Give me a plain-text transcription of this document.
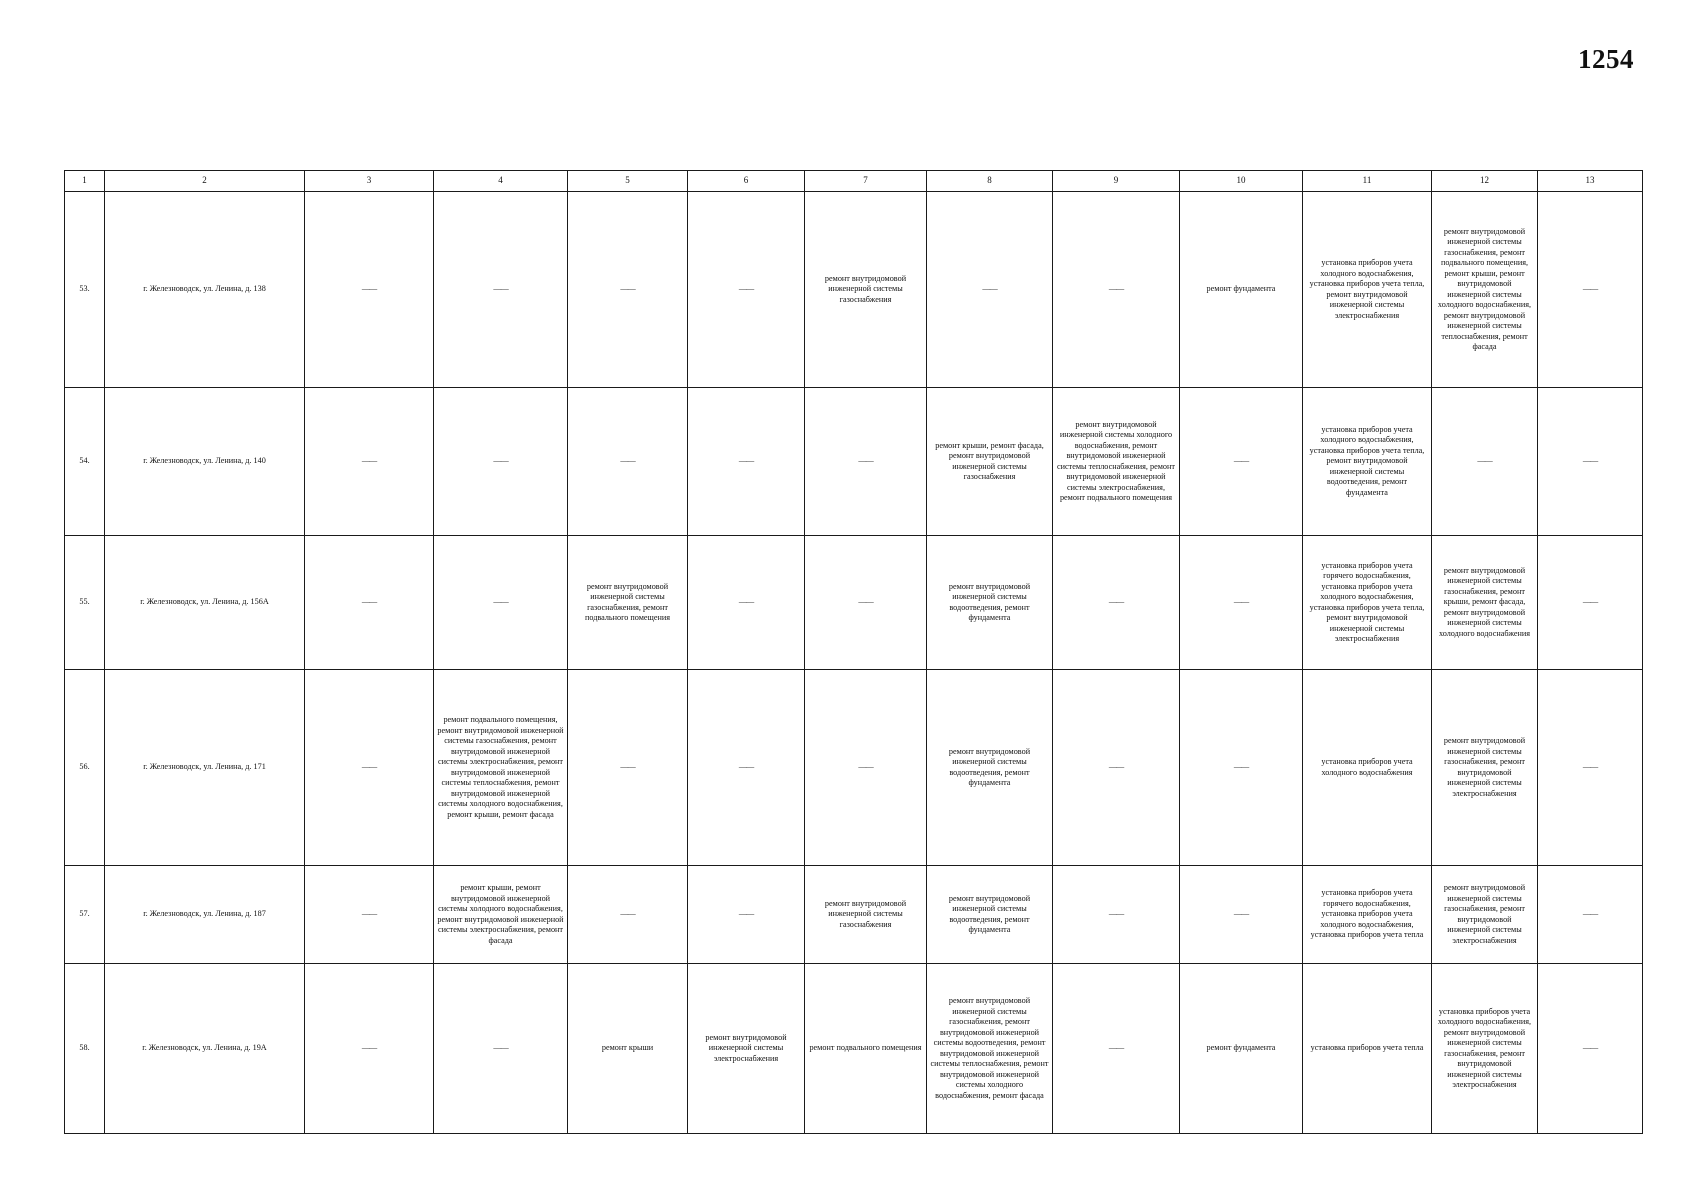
1254
1	2	3	4	5	6	7	8	9	10	11	12	13
53.	г. Железноводск, ул. Ленина, д. 138	——	——	——	——	ремонт внутридомовой инженерной системы газоснабжения	——	——	ремонт фундамента	установка приборов учета холодного водоснабжения, установка приборов учета тепла, ремонт внутридомовой инженерной системы электроснабжения	ремонт внутридомовой инженерной системы газоснабжения, ремонт подвального помещения, ремонт крыши, ремонт внутридомовой инженерной системы холодного водоснабжения, ремонт внутридомовой инженерной системы теплоснабжения, ремонт фасада	——
54.	г. Железноводск, ул. Ленина, д. 140	——	——	——	——	——	ремонт крыши, ремонт фасада, ремонт внутридомовой инженерной системы газоснабжения	ремонт внутридомовой инженерной системы холодного водоснабжения, ремонт внутридомовой инженерной системы теплоснабжения, ремонт внутридомовой инженерной системы электроснабжения, ремонт подвального помещения	——	установка приборов учета холодного водоснабжения, установка приборов учета тепла, ремонт внутридомовой инженерной системы водоотведения, ремонт фундамента	——	——
55.	г. Железноводск, ул. Ленина, д. 156А	——	——	ремонт внутридомовой инженерной системы газоснабжения, ремонт подвального помещения	——	——	ремонт внутридомовой инженерной системы водоотведения, ремонт фундамента	——	——	установка приборов учета горячего водоснабжения, установка приборов учета холодного водоснабжения, установка приборов учета тепла, ремонт внутридомовой инженерной системы электроснабжения	ремонт внутридомовой инженерной системы газоснабжения, ремонт крыши, ремонт фасада, ремонт внутридомовой инженерной системы холодного водоснабжения	——
56.	г. Железноводск, ул. Ленина, д. 171	——	ремонт подвального помещения, ремонт внутридомовой инженерной системы газоснабжения, ремонт внутридомовой инженерной системы электроснабжения, ремонт внутридомовой инженерной системы теплоснабжения, ремонт внутридомовой инженерной системы холодного водоснабжения, ремонт крыши, ремонт фасада	——	——	——	ремонт внутридомовой инженерной системы водоотведения, ремонт фундамента	——	——	установка приборов учета холодного водоснабжения	ремонт внутридомовой инженерной системы газоснабжения, ремонт внутридомовой инженерной системы электроснабжения	——
57.	г. Железноводск, ул. Ленина, д. 187	——	ремонт крыши, ремонт внутридомовой инженерной системы холодного водоснабжения, ремонт внутридомовой инженерной системы электроснабжения, ремонт фасада	——	——	ремонт внутридомовой инженерной системы газоснабжения	ремонт внутридомовой инженерной системы водоотведения, ремонт фундамента	——	——	установка приборов учета горячего водоснабжения, установка приборов учета холодного водоснабжения, установка приборов учета тепла	ремонт внутридомовой инженерной системы газоснабжения, ремонт внутридомовой инженерной системы электроснабжения	——
58.	г. Железноводск, ул. Ленина, д. 19А	——	——	ремонт крыши	ремонт внутридомовой инженерной системы электроснабжения	ремонт подвального помещения	ремонт внутридомовой инженерной системы газоснабжения, ремонт внутридомовой инженерной системы водоотведения, ремонт внутридомовой инженерной системы теплоснабжения, ремонт внутридомовой инженерной системы холодного водоснабжения, ремонт фасада	——	ремонт фундамента	установка приборов учета тепла	установка приборов учета холодного водоснабжения, ремонт внутридомовой инженерной системы газоснабжения, ремонт внутридомовой инженерной системы электроснабжения	——
